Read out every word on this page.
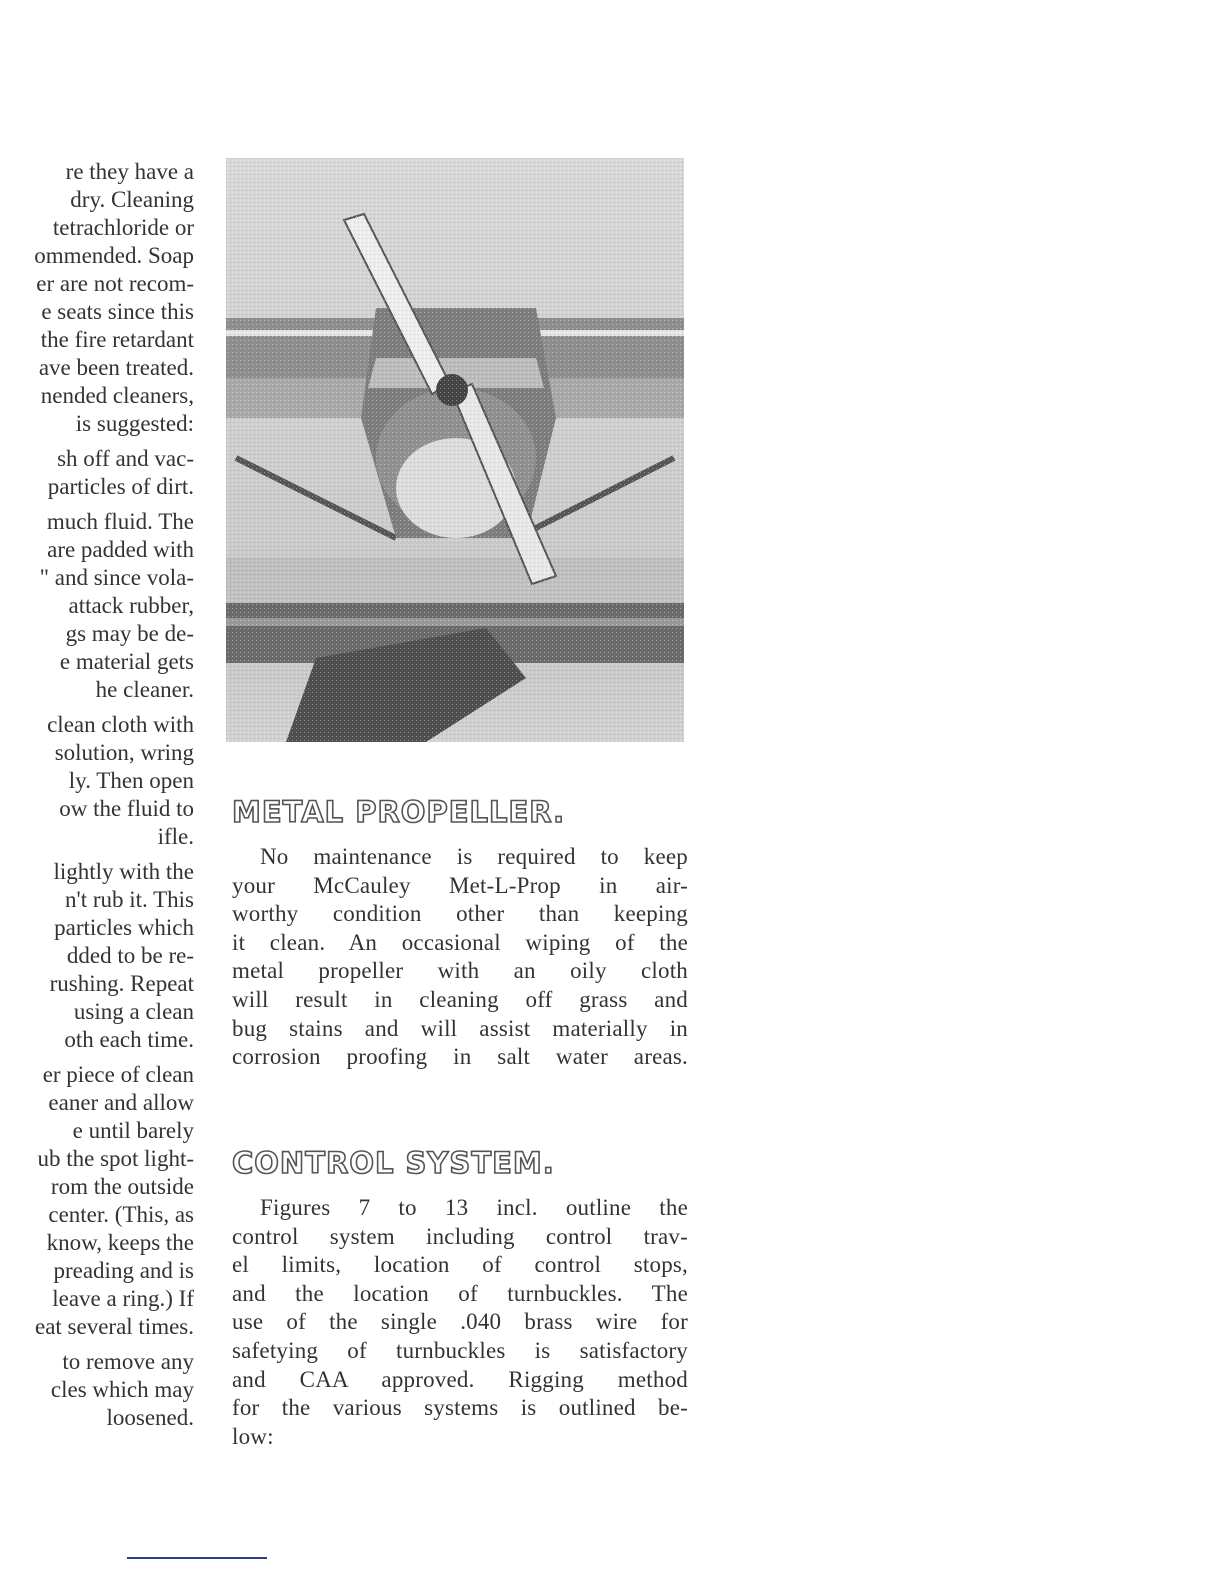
re they have a
dry. Cleaning
tetrachloride or
ommended. Soap
er are not recom-
e seats since this
the fire retardant
ave been treated.
nended cleaners,
is suggested:
sh off and vac-
particles of dirt.
much fluid. The
are padded with
" and since vola-
attack rubber,
gs may be de-
e material gets
he cleaner.
clean cloth with
solution, wring
ly. Then open
ow the fluid to
ifle.
lightly with the
n't rub it. This
particles which
dded to be re-
rushing. Repeat
using a clean
oth each time.
er piece of clean
eaner and allow
e until barely
ub the spot light-
rom the outside
center. (This, as
know, keeps the
preading and is
leave a ring.) If
eat several times.
to remove any
cles which may
loosened.
METAL PROPELLER.

No maintenance is required to keep
your McCauley Met-L-Prop in air-
worthy condition other than keeping
it clean. An occasional wiping of the
metal propeller with an oily cloth
will result in cleaning off grass and
bug stains and will assist materially in
corrosion proofing in salt water areas.

CONTROL SYSTEM.

Figures 7 to 13 incl. outline the
control system including control trav-
el limits, location of control stops,
and the location of turnbuckles. The
use of the single .040 brass wire for
safetying of turnbuckles is satisfactory
and CAA approved. Rigging method
for the various systems is outlined be-
low:
